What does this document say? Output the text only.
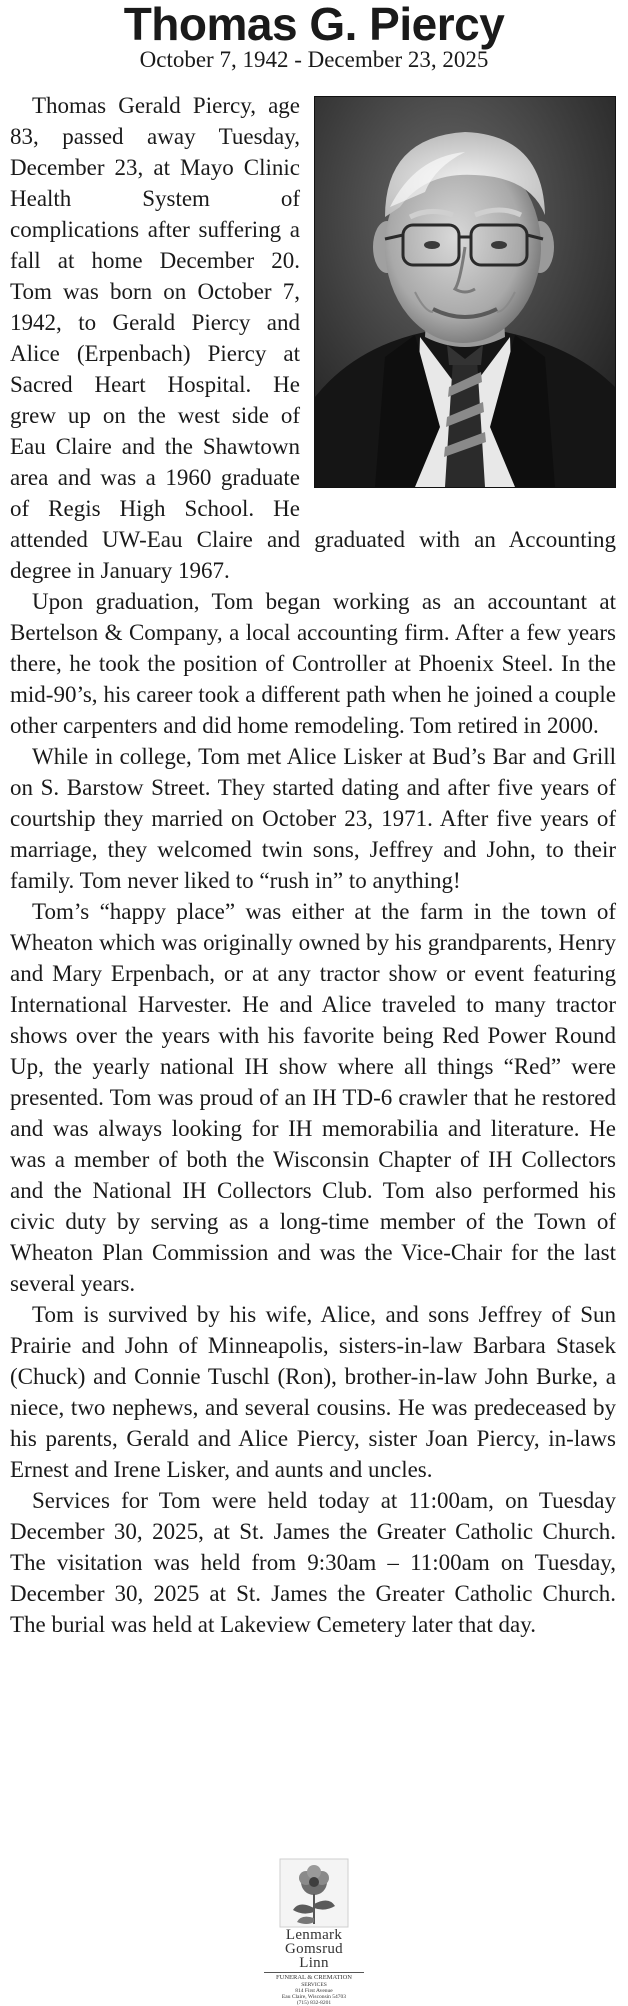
Thomas G. Piercy
October 7, 1942 - December 23, 2025

Thomas Gerald Piercy, age 83, passed away Tuesday, December 23, at Mayo Clinic Health System of complications after suffering a fall at home December 20. Tom was born on October 7, 1942, to Gerald Piercy and Alice (Erpenbach) Piercy at Sacred Heart Hospital. He grew up on the west side of Eau Claire and the Shawtown area and was a 1960 graduate of Regis High School. He attended UW-Eau Claire and graduated with an Accounting degree in January 1967.

Upon graduation, Tom began working as an accountant at Bertelson & Company, a local accounting firm. After a few years there, he took the position of Controller at Phoenix Steel. In the mid-90’s, his career took a different path when he joined a couple other carpenters and did home remodeling. Tom retired in 2000.

While in college, Tom met Alice Lisker at Bud’s Bar and Grill on S. Barstow Street. They started dating and after five years of courtship they married on October 23, 1971. After five years of marriage, they welcomed twin sons, Jeffrey and John, to their family. Tom never liked to “rush in” to anything!

Tom’s “happy place” was either at the farm in the town of Wheaton which was originally owned by his grandparents, Henry and Mary Erpenbach, or at any tractor show or event featuring International Harvester. He and Alice traveled to many tractor shows over the years with his favorite being Red Power Round Up, the yearly national IH show where all things “Red” were presented. Tom was proud of an IH TD-6 crawler that he restored and was always looking for IH memorabilia and literature. He was a member of both the Wisconsin Chapter of IH Collectors and the National IH Collectors Club. Tom also performed his civic duty by serving as a long-time member of the Town of Wheaton Plan Commission and was the Vice-Chair for the last several years.

Tom is survived by his wife, Alice, and sons Jeffrey of Sun Prairie and John of Minneapolis, sisters-in-law Barbara Stasek (Chuck) and Connie Tuschl (Ron), brother-in-law John Burke, a niece, two nephews, and several cousins. He was predeceased by his parents, Gerald and Alice Piercy, sister Joan Piercy, in-laws Ernest and Irene Lisker, and aunts and uncles.

Services for Tom were held today at 11:00am, on Tuesday December 30, 2025, at St. James the Greater Catholic Church. The visitation was held from 9:30am – 11:00am on Tuesday, December 30, 2025 at St. James the Greater Catholic Church. The burial was held at Lakeview Cemetery later that day.

Lenmark
Gomsrud
Linn
FUNERAL & CREMATION
SERVICES
814 First Avenue
Eau Claire, Wisconsin 54703
(715) 832-8201
